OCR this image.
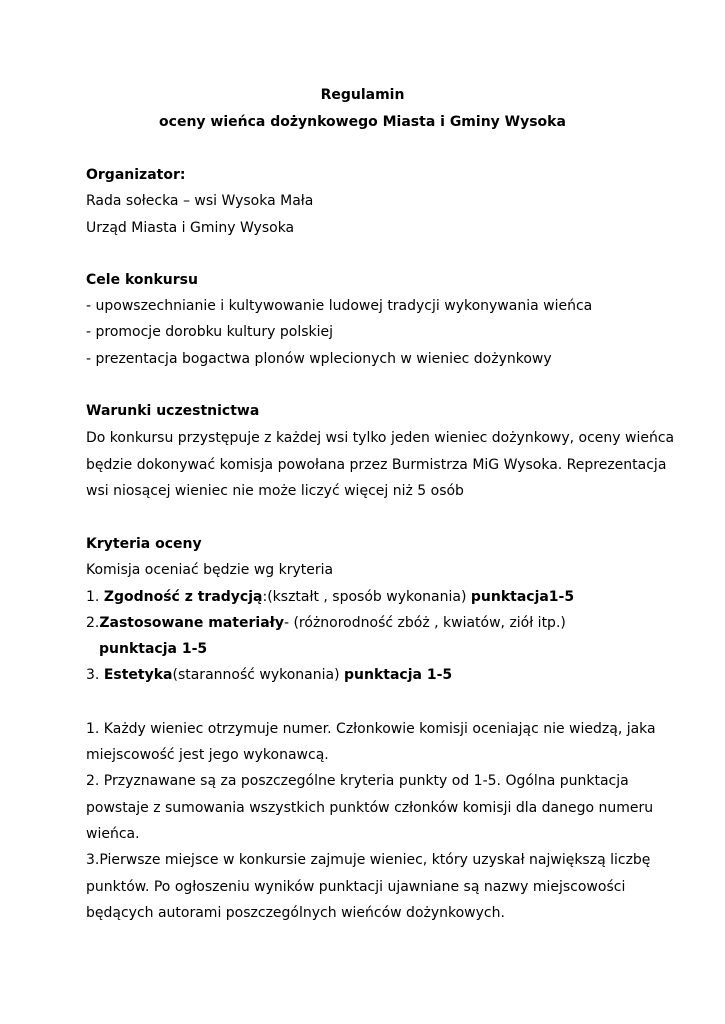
Regulamin
oceny wieńca dożynkowego Miasta i Gminy Wysoka
Organizator:
Rada sołecka – wsi Wysoka Mała
Urząd Miasta i Gminy Wysoka
Cele konkursu
- upowszechnianie i kultywowanie ludowej tradycji wykonywania wieńca
- promocje dorobku kultury polskiej
- prezentacja bogactwa plonów wplecionych w wieniec dożynkowy
Warunki uczestnictwa
Do konkursu przystępuje z każdej wsi tylko jeden wieniec dożynkowy, oceny wieńca
będzie dokonywać komisja powołana przez Burmistrza MiG Wysoka. Reprezentacja
wsi niosącej wieniec nie może liczyć więcej niż 5 osób
Kryteria oceny
Komisja oceniać będzie wg kryteria
1. Zgodność z tradycją:(kształt , sposób wykonania) punktacja1-5
2.Zastosowane materiały- (różnorodność zbóż , kwiatów, ziół itp.)
punktacja 1-5
3. Estetyka(staranność wykonania) punktacja 1-5
1. Każdy wieniec otrzymuje numer. Członkowie komisji oceniając nie wiedzą, jaka
miejscowość jest jego wykonawcą.
2. Przyznawane są za poszczególne kryteria punkty od 1-5. Ogólna punktacja
powstaje z sumowania wszystkich punktów członków komisji dla danego numeru
wieńca.
3.Pierwsze miejsce w konkursie zajmuje wieniec, który uzyskał największą liczbę
punktów. Po ogłoszeniu wyników punktacji ujawniane są nazwy miejscowości
będących autorami poszczególnych wieńców dożynkowych.
